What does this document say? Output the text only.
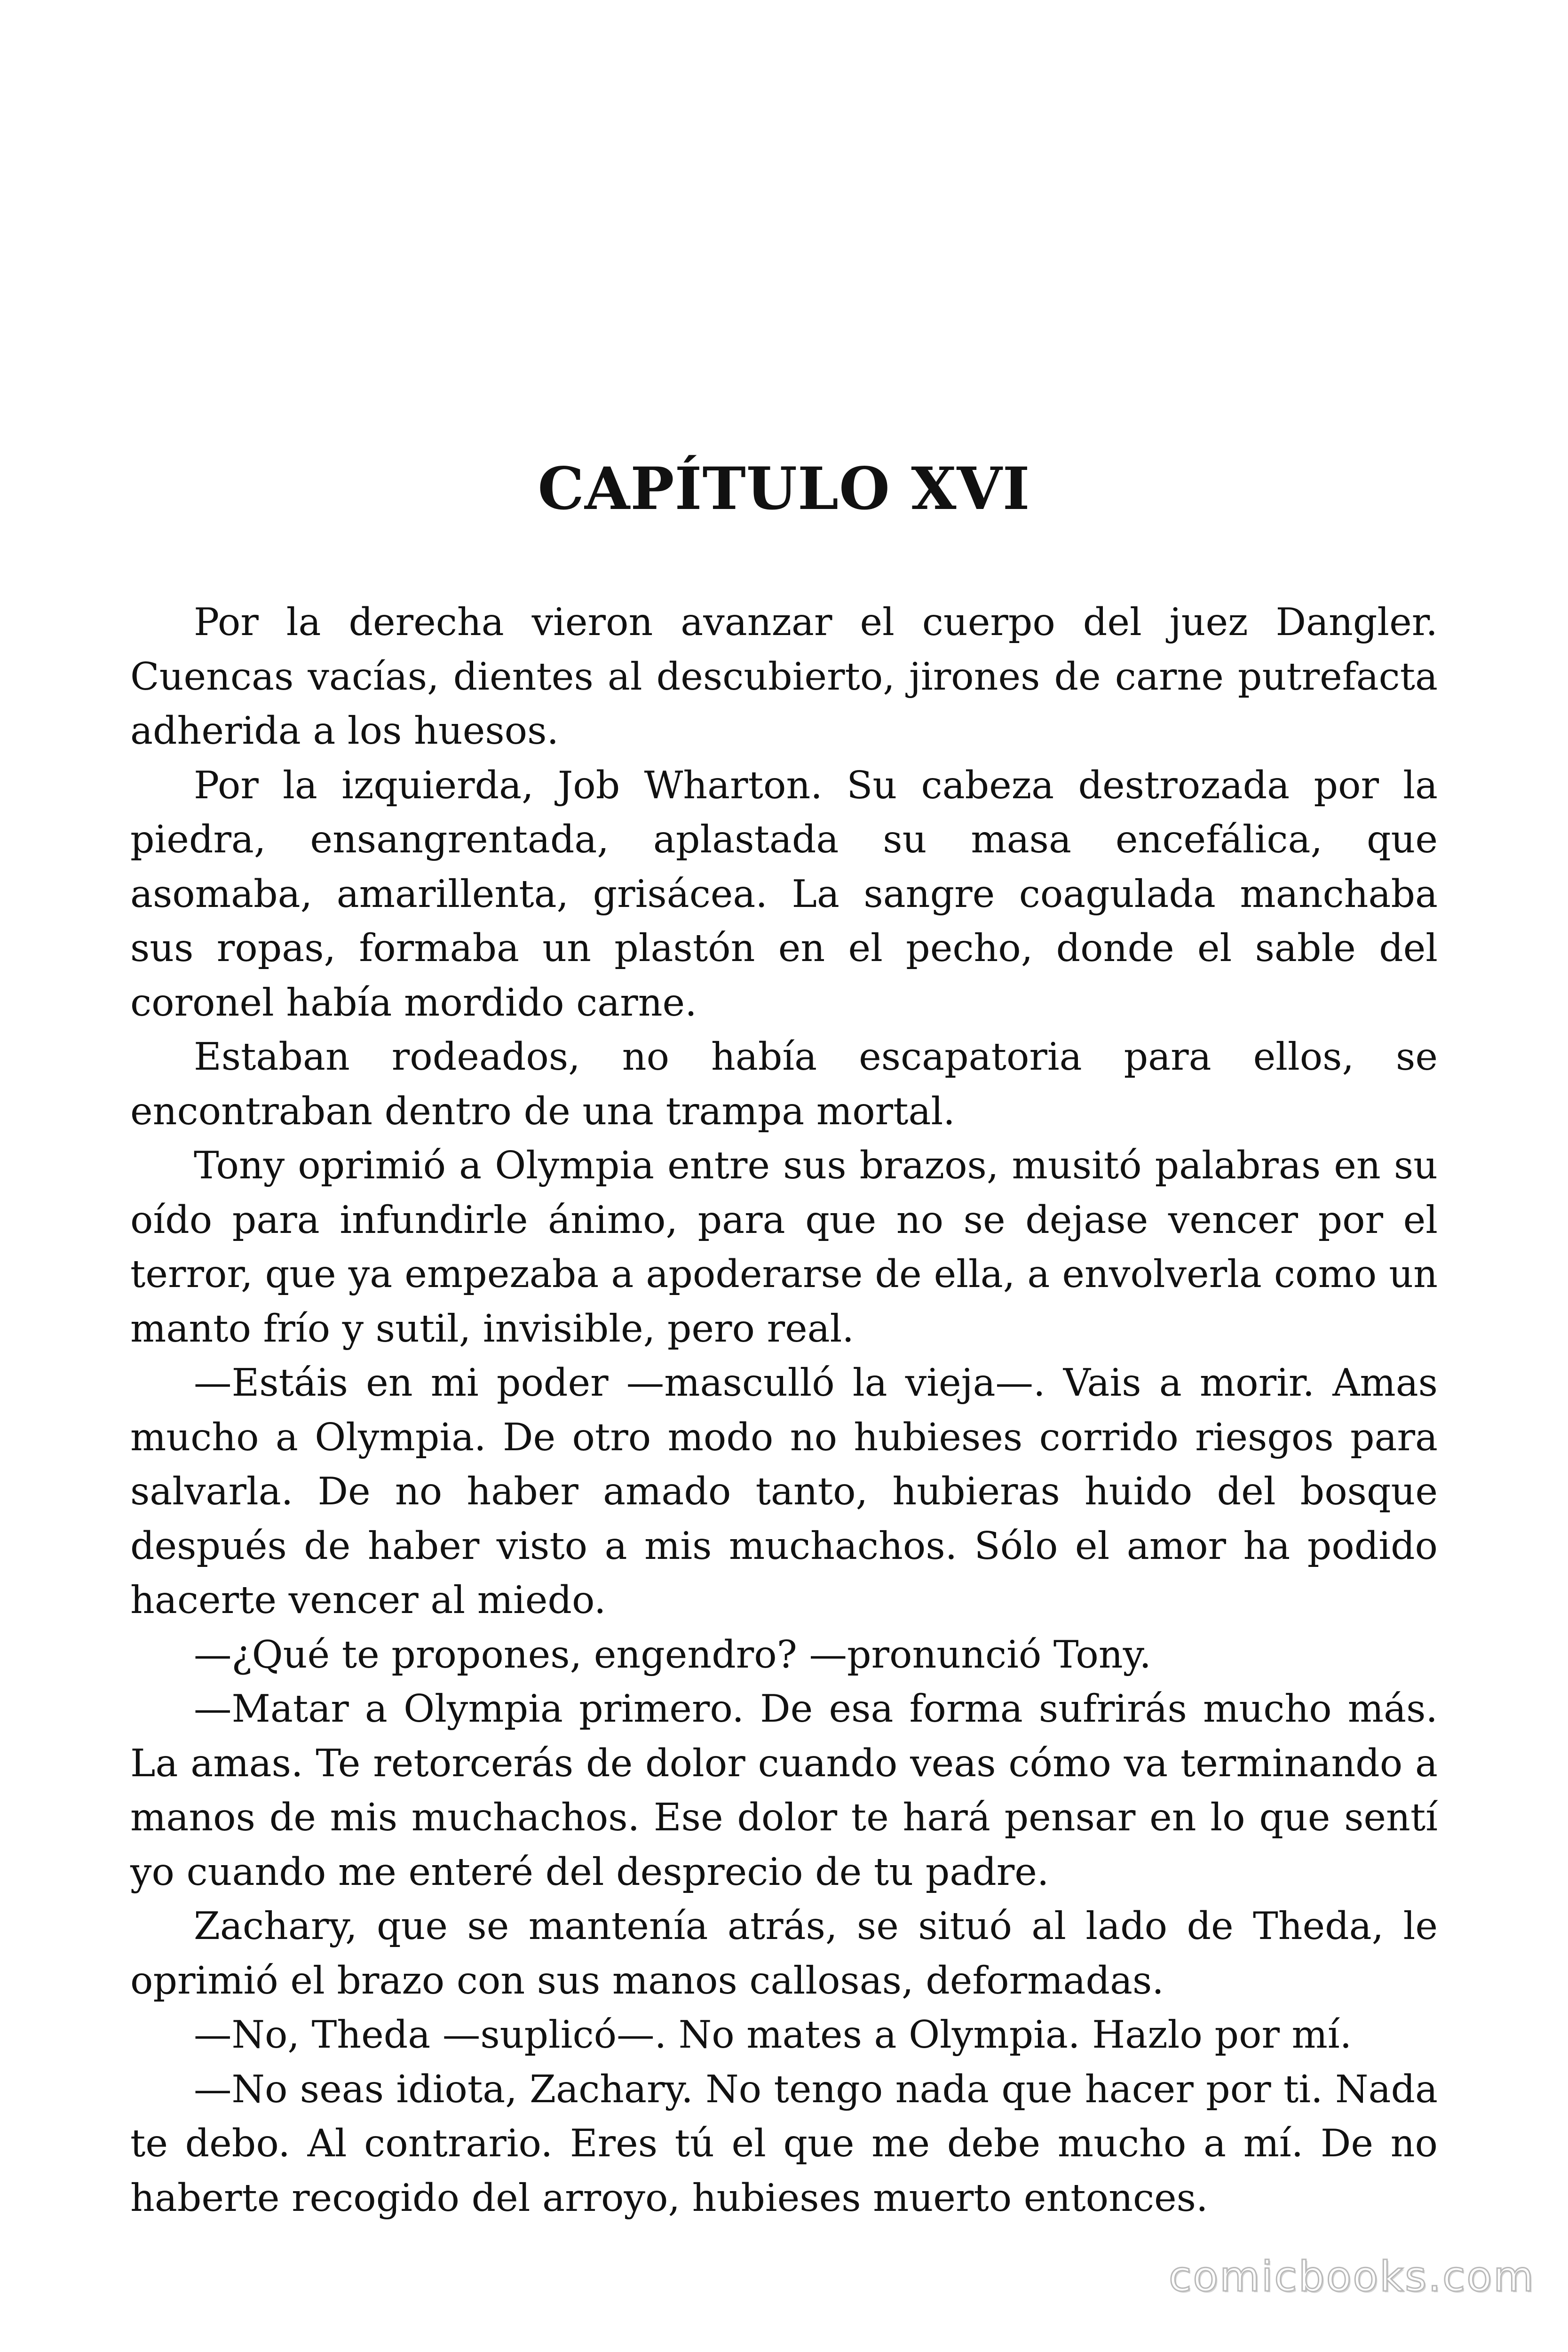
CAPÍTULO XVI

Por la derecha vieron avanzar el cuerpo del juez Dangler. Cuencas vacías, dientes al descubierto, jirones de carne putrefacta adherida a los huesos.

Por la izquierda, Job Wharton. Su cabeza destrozada por la piedra, ensangrentada, aplastada su masa encefálica, que asomaba, amarillenta, grisácea. La sangre coagulada manchaba sus ropas, formaba un plastón en el pecho, donde el sable del coronel había mordido carne.

Estaban rodeados, no había escapatoria para ellos, se encontraban dentro de una trampa mortal.

Tony oprimió a Olympia entre sus brazos, musitó palabras en su oído para infundirle ánimo, para que no se dejase vencer por el terror, que ya empezaba a apoderarse de ella, a envolverla como un manto frío y sutil, invisible, pero real.

—Estáis en mi poder —masculló la vieja—. Vais a morir. Amas mucho a Olympia. De otro modo no hubieses corrido riesgos para salvarla. De no haber amado tanto, hubieras huido del bosque después de haber visto a mis muchachos. Sólo el amor ha podido hacerte vencer al miedo.

—¿Qué te propones, engendro? —pronunció Tony.

—Matar a Olympia primero. De esa forma sufrirás mucho más. La amas. Te retorcerás de dolor cuando veas cómo va terminando a manos de mis muchachos. Ese dolor te hará pensar en lo que sentí yo cuando me enteré del desprecio de tu padre.

Zachary, que se mantenía atrás, se situó al lado de Theda, le oprimió el brazo con sus manos callosas, deformadas.

—No, Theda —suplicó—. No mates a Olympia. Hazlo por mí.

—No seas idiota, Zachary. No tengo nada que hacer por ti. Nada te debo. Al contrario. Eres tú el que me debe mucho a mí. De no haberte recogido del arroyo, hubieses muerto entonces.

comicbooks.com
